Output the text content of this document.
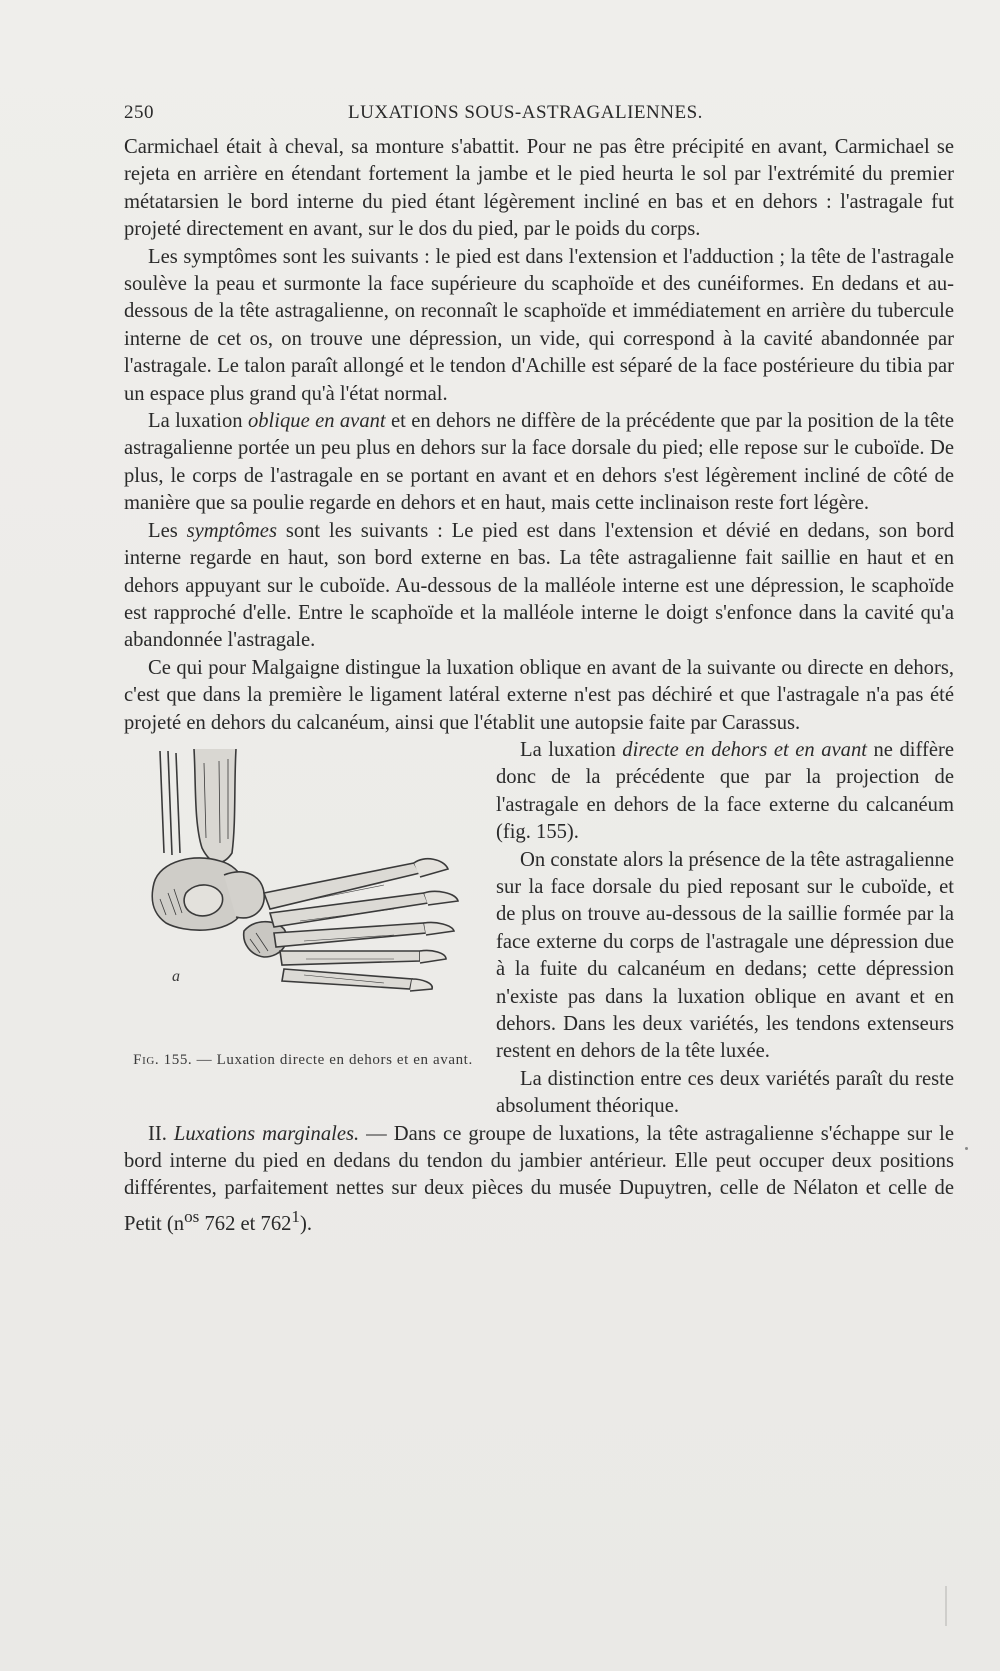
250	LUXATIONS SOUS-ASTRAGALIENNES.

Carmichael était à cheval, sa monture s'abattit. Pour ne pas être précipité en avant, Carmichael se rejeta en arrière en étendant fortement la jambe et le pied heurta le sol par l'extrémité du premier métatarsien le bord interne du pied étant légèrement incliné en bas et en dehors : l'astragale fut projeté directement en avant, sur le dos du pied, par le poids du corps.

Les symptômes sont les suivants : le pied est dans l'extension et l'adduction ; la tête de l'astragale soulève la peau et surmonte la face supérieure du scaphoïde et des cunéiformes. En dedans et au-dessous de la tête astragalienne, on reconnaît le scaphoïde et immédiatement en arrière du tubercule interne de cet os, on trouve une dépression, un vide, qui correspond à la cavité abandonnée par l'astragale. Le talon paraît allongé et le tendon d'Achille est séparé de la face postérieure du tibia par un espace plus grand qu'à l'état normal.

La luxation oblique en avant et en dehors ne diffère de la précédente que par la position de la tête astragalienne portée un peu plus en dehors sur la face dorsale du pied; elle repose sur le cuboïde. De plus, le corps de l'astragale en se portant en avant et en dehors s'est légèrement incliné de côté de manière que sa poulie regarde en dehors et en haut, mais cette inclinaison reste fort légère.

Les symptômes sont les suivants : Le pied est dans l'extension et dévié en dedans, son bord interne regarde en haut, son bord externe en bas. La tête astragalienne fait saillie en haut et en dehors appuyant sur le cuboïde. Au-dessous de la malléole interne est une dépression, le scaphoïde est rapproché d'elle. Entre le scaphoïde et la malléole interne le doigt s'enfonce dans la cavité qu'a abandonnée l'astragale.

Ce qui pour Malgaigne distingue la luxation oblique en avant de la suivante ou directe en dehors, c'est que dans la première le ligament latéral externe n'est pas déchiré et que l'astragale n'a pas été projeté en dehors du calcanéum, ainsi que l'établit une autopsie faite par Carassus.

a
Fig. 155. — Luxation directe en dehors et en avant.

La luxation directe en dehors et en avant ne diffère donc de la précédente que par la projection de l'astragale en dehors de la face externe du calcanéum (fig. 155).

On constate alors la présence de la tête astragalienne sur la face dorsale du pied reposant sur le cuboïde, et de plus on trouve au-dessous de la saillie formée par la face externe du corps de l'astragale une dépression due à la fuite du calcanéum en dedans; cette dépression n'existe pas dans la luxation oblique en avant et en dehors. Dans les deux variétés, les tendons extenseurs restent en dehors de la tête luxée.

La distinction entre ces deux variétés paraît du reste absolument théorique.

II. Luxations marginales. — Dans ce groupe de luxations, la tête astragalienne s'échappe sur le bord interne du pied en dedans du tendon du jambier antérieur. Elle peut occuper deux positions différentes, parfaitement nettes sur deux pièces du musée Dupuytren, celle de Nélaton et celle de Petit ($n^{os}$ 762 et $762^1$).
